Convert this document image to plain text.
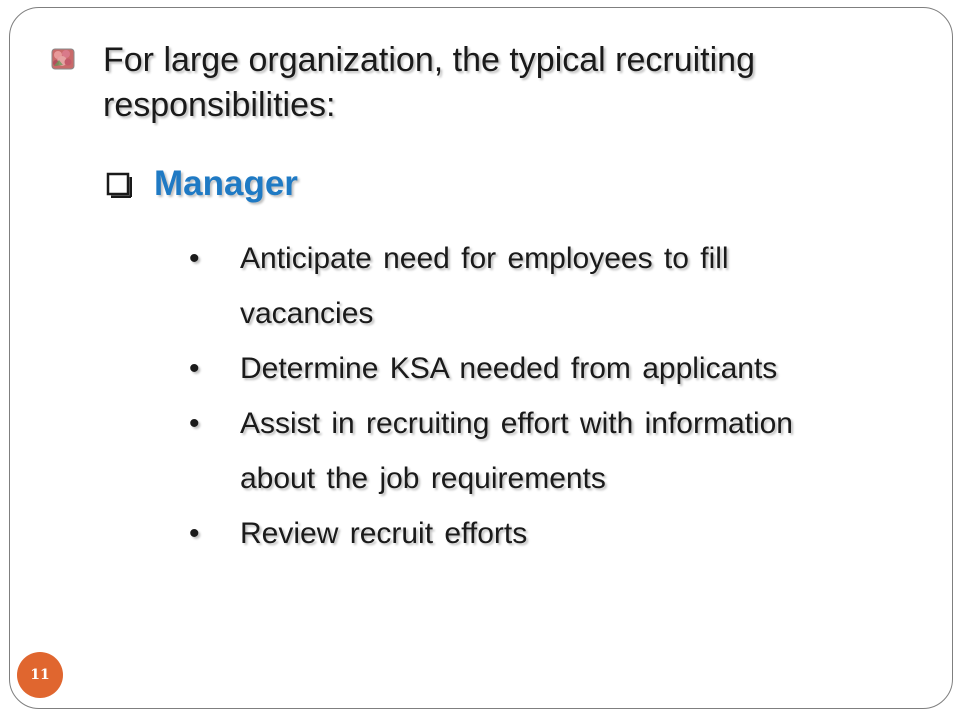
For large organization, the typical recruiting responsibilities:
Manager
• Anticipate need for employees to fill vacancies
• Determine KSA needed from applicants
• Assist in recruiting effort with information about the job requirements
• Review recruit efforts
11
